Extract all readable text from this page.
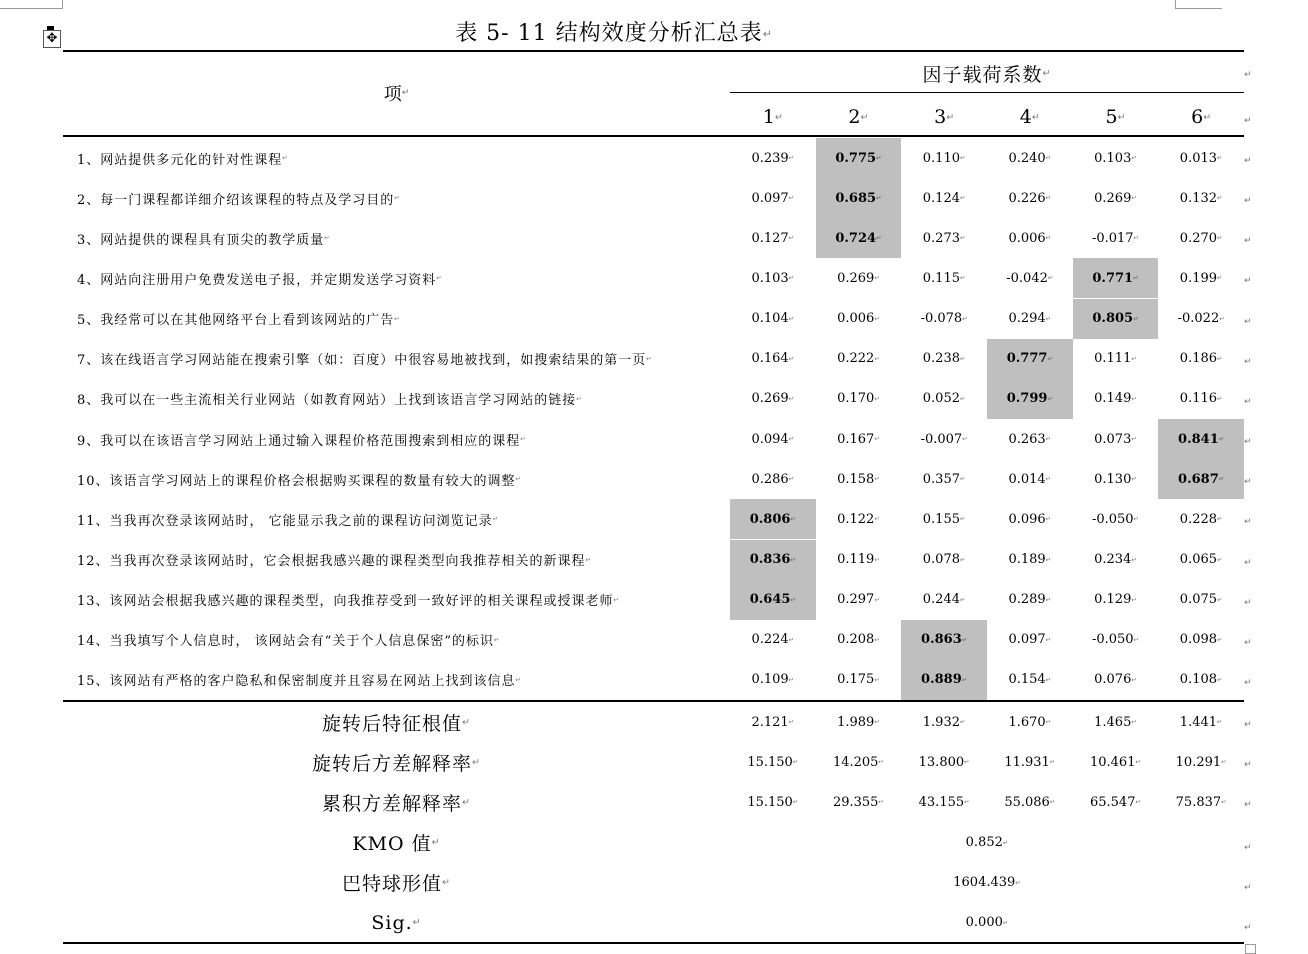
✥	表 5- 11 结构效度分析汇总表↵
项 ↵
因子载荷系数 ↵
1 ↵	2 ↵	3 ↵	4 ↵	5 ↵	6 ↵
↵
↵
1、网站提供多元化的针对性课程 ↵	0.239 ↵	0.775 ↵	0.110 ↵	0.240 ↵	0.103 ↵	0.013 ↵ ↵
2、每一门课程都详细介绍该课程的特点及学习目的 ↵	0.097 ↵	0.685 ↵	0.124 ↵	0.226 ↵	0.269 ↵	0.132 ↵ ↵
3、网站提供的课程具有顶尖的教学质量 ↵	0.127 ↵	0.724 ↵	0.273 ↵	0.006 ↵	-0.017 ↵	0.270 ↵ ↵
4、网站向注册用户免费发送电子报，并定期发送学习资料 ↵	0.103 ↵	0.269 ↵	0.115 ↵	-0.042 ↵	0.771 ↵	0.199 ↵ ↵
5、我经常可以在其他网络平台上看到该网站的广告 ↵	0.104 ↵	0.006 ↵	-0.078 ↵	0.294 ↵	0.805 ↵	-0.022 ↵ ↵
7、该在线语言学习网站能在搜索引擎（如：百度）中很容易地被找到，如搜索结果的第一页 ↵	0.164 ↵	0.222 ↵	0.238 ↵	0.777 ↵	0.111 ↵	0.186 ↵ ↵
8、我可以在一些主流相关行业网站（如教育网站）上找到该语言学习网站的链接 ↵	0.269 ↵	0.170 ↵	0.052 ↵	0.799 ↵	0.149 ↵	0.116 ↵ ↵
9、我可以在该语言学习网站上通过输入课程价格范围搜索到相应的课程 ↵	0.094 ↵	0.167 ↵	-0.007 ↵	0.263 ↵	0.073 ↵	0.841 ↵ ↵
10、该语言学习网站上的课程价格会根据购买课程的数量有较大的调整 ↵	0.286 ↵	0.158 ↵	0.357 ↵	0.014 ↵	0.130 ↵	0.687 ↵ ↵
11、当我再次登录该网站时， 它能显示我之前的课程访问浏览记录 ↵	0.806 ↵	0.122 ↵	0.155 ↵	0.096 ↵	-0.050 ↵	0.228 ↵ ↵
12、当我再次登录该网站时，它会根据我感兴趣的课程类型向我推荐相关的新课程 ↵	0.836 ↵	0.119 ↵	0.078 ↵	0.189 ↵	0.234 ↵	0.065 ↵ ↵
13、该网站会根据我感兴趣的课程类型，向我推荐受到一致好评的相关课程或授课老师 ↵	0.645 ↵	0.297 ↵	0.244 ↵	0.289 ↵	0.129 ↵	0.075 ↵ ↵
14、当我填写个人信息时， 该网站会有“关于个人信息保密”的标识 ↵	0.224 ↵	0.208 ↵	0.863 ↵	0.097 ↵	-0.050 ↵	0.098 ↵ ↵
15、该网站有严格的客户隐私和保密制度并且容易在网站上找到该信息 ↵	0.109 ↵	0.175 ↵	0.889 ↵	0.154 ↵	0.076 ↵	0.108 ↵ ↵
旋转后特征根值 ↵	2.121 ↵	1.989 ↵	1.932 ↵	1.670 ↵	1.465 ↵	1.441 ↵ ↵
旋转后方差解释率 ↵	15.150 ↵	14.205 ↵	13.800 ↵	11.931 ↵	10.461 ↵	10.291 ↵ ↵
累积方差解释率 ↵	15.150 ↵	29.355 ↵	43.155 ↵	55.086 ↵	65.547 ↵	75.837 ↵ ↵
KMO 值 ↵	0.852 ↵	↵
巴特球形值 ↵	1604.439 ↵	↵
Sig. ↵	0.000 ↵	↵
